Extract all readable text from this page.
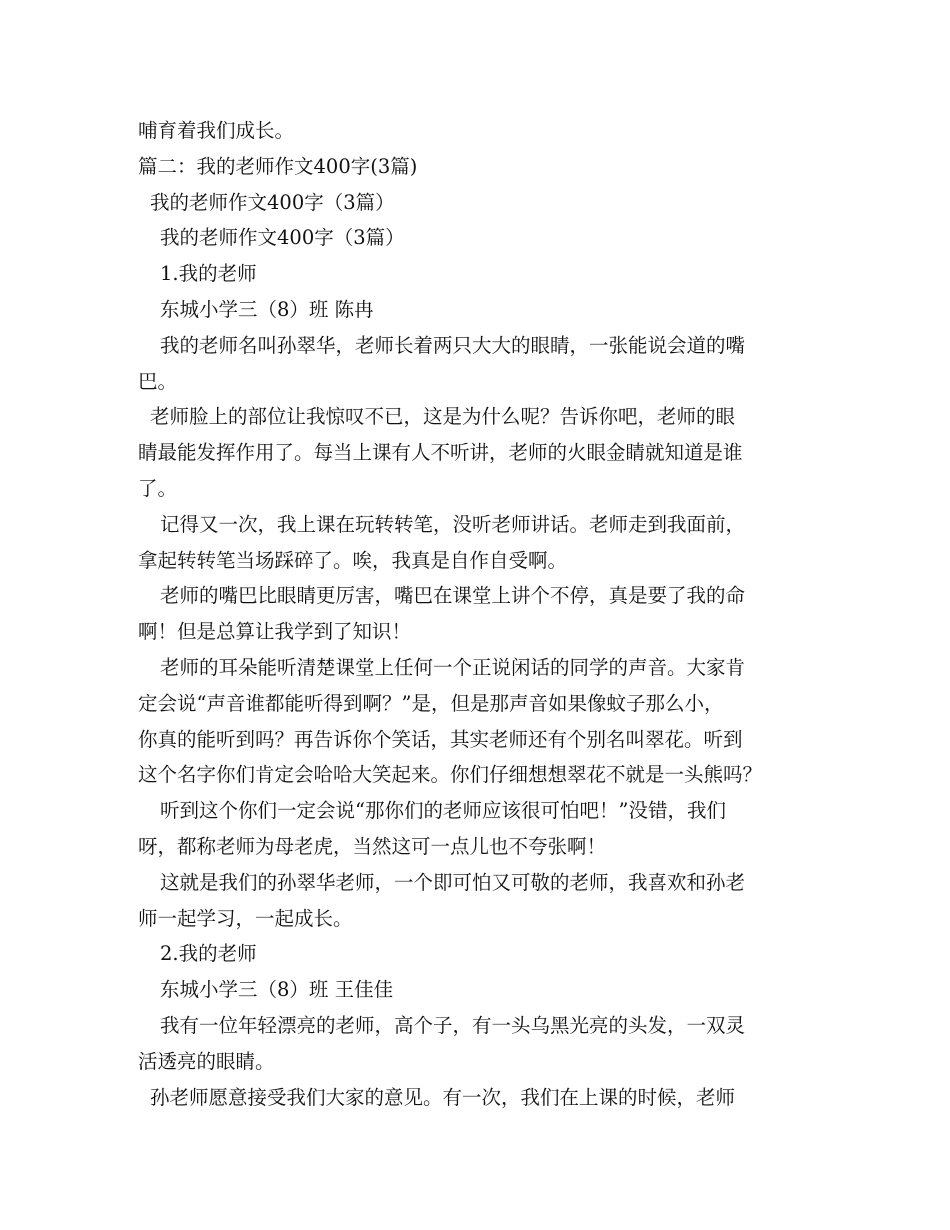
哺育着我们成长。
篇二：我的老师作文400字(3篇)
我的老师作文400字（3篇）
我的老师作文400字（3篇）
1.我的老师
东城小学三（8）班 陈冉
我的老师名叫孙翠华，老师长着两只大大的眼睛，一张能说会道的嘴
巴。
老师脸上的部位让我惊叹不已，这是为什么呢？告诉你吧，老师的眼
睛最能发挥作用了。每当上课有人不听讲，老师的火眼金睛就知道是谁
了。
记得又一次，我上课在玩转转笔，没听老师讲话。老师走到我面前，
拿起转转笔当场踩碎了。唉，我真是自作自受啊。
老师的嘴巴比眼睛更厉害，嘴巴在课堂上讲个不停，真是要了我的命
啊！但是总算让我学到了知识！
老师的耳朵能听清楚课堂上任何一个正说闲话的同学的声音。大家肯
定会说“声音谁都能听得到啊？”是，但是那声音如果像蚊子那么小，
你真的能听到吗？再告诉你个笑话，其实老师还有个别名叫翠花。听到
这个名字你们肯定会哈哈大笑起来。你们仔细想想翠花不就是一头熊吗？
听到这个你们一定会说“那你们的老师应该很可怕吧！”没错，我们
呀，都称老师为母老虎，当然这可一点儿也不夸张啊！
这就是我们的孙翠华老师，一个即可怕又可敬的老师，我喜欢和孙老
师一起学习，一起成长。
2.我的老师
东城小学三（8）班 王佳佳
我有一位年轻漂亮的老师，高个子，有一头乌黑光亮的头发，一双灵
活透亮的眼睛。
孙老师愿意接受我们大家的意见。有一次，我们在上课的时候，老师
